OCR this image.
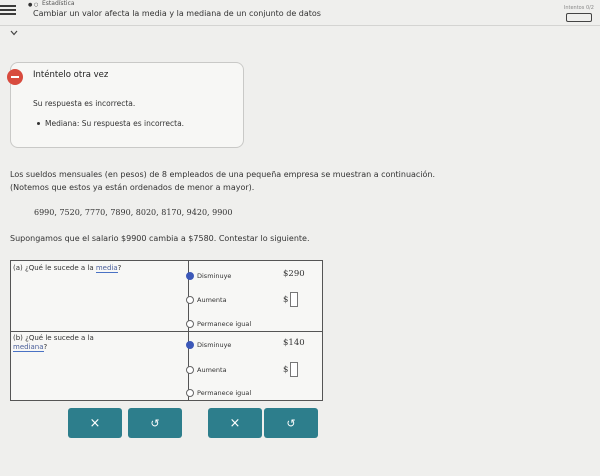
● ○ Estadística
Cambiar un valor afecta la media y la mediana de un conjunto de datos
Intentos 0/2
Inténtelo otra vez
Su respuesta es incorrecta.
Mediana: Su respuesta es incorrecta.
Los sueldos mensuales (en pesos) de 8 empleados de una pequeña empresa se muestran a continuación.
(Notemos que estos ya están ordenados de menor a mayor).
6990, 7520, 7770, 7890, 8020, 8170, 9420, 9900
Supongamos que el salario $9900 cambia a $7580. Contestar lo siguiente.
(a) ¿Qué le sucede a la media?
Disminuye	$290
Aumenta	$
Permanece igual
(b) ¿Qué le sucede a la
mediana?	Disminuye	$140
Aumenta	$
Permanece igual
×	↺	×	↺
